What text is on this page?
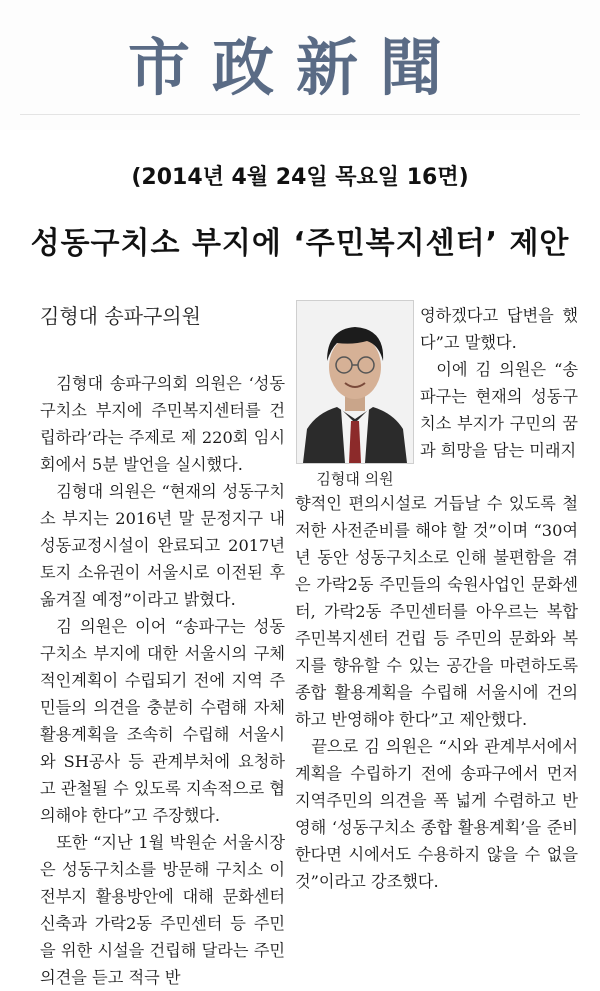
市政新聞
(2014년 4월 24일 목요일 16면)
성동구치소 부지에 ‘주민복지센터’ 제안
김형대 송파구의원

김형대 송파구의회 의원은 ‘성동구치소 부지에 주민복지센터를 건립하라’라는 주제로 제 220회 임시회에서 5분 발언을 실시했다.

김형대 의원은 “현재의 성동구치소 부지는 2016년 말 문정지구 내 성동교정시설이 완료되고 2017년 토지 소유권이 서울시로 이전된 후 옮겨질 예정”이라고 밝혔다.

김 의원은 이어 “송파구는 성동구치소 부지에 대한 서울시의 구체적인계획이 수립되기 전에 지역 주민들의 의견을 충분히 수렴해 자체 활용계획을 조속히 수립해 서울시와 SH공사 등 관계부처에 요청하고 관철될 수 있도록 지속적으로 협의해야 한다”고 주장했다.

또한 “지난 1월 박원순 서울시장은 성동구치소를 방문해 구치소 이전부지 활용방안에 대해 문화센터 신축과 가락2동 주민센터 등 주민을 위한 시설을 건립해 달라는 주민의견을 듣고 적극 반

김형대 의원

영하겠다고 답변을 했다”고 말했다.

이에 김 의원은 “송파구는 현재의 성동구치소 부지가 구민의 꿈과 희망을 담는 미래지

향적인 편의시설로 거듭날 수 있도록 철저한 사전준비를 해야 할 것”이며 “30여년 동안 성동구치소로 인해 불편함을 겪은 가락2동 주민들의 숙원사업인 문화센터, 가락2동 주민센터를 아우르는 복합 주민복지센터 건립 등 주민의 문화와 복지를 향유할 수 있는 공간을 마련하도록 종합 활용계획을 수립해 서울시에 건의하고 반영해야 한다”고 제안했다.

끝으로 김 의원은 “시와 관계부서에서 계획을 수립하기 전에 송파구에서 먼저 지역주민의 의견을 폭 넓게 수렴하고 반영해 ‘성동구치소 종합 활용계획’을 준비한다면 시에서도 수용하지 않을 수 없을 것”이라고 강조했다.
